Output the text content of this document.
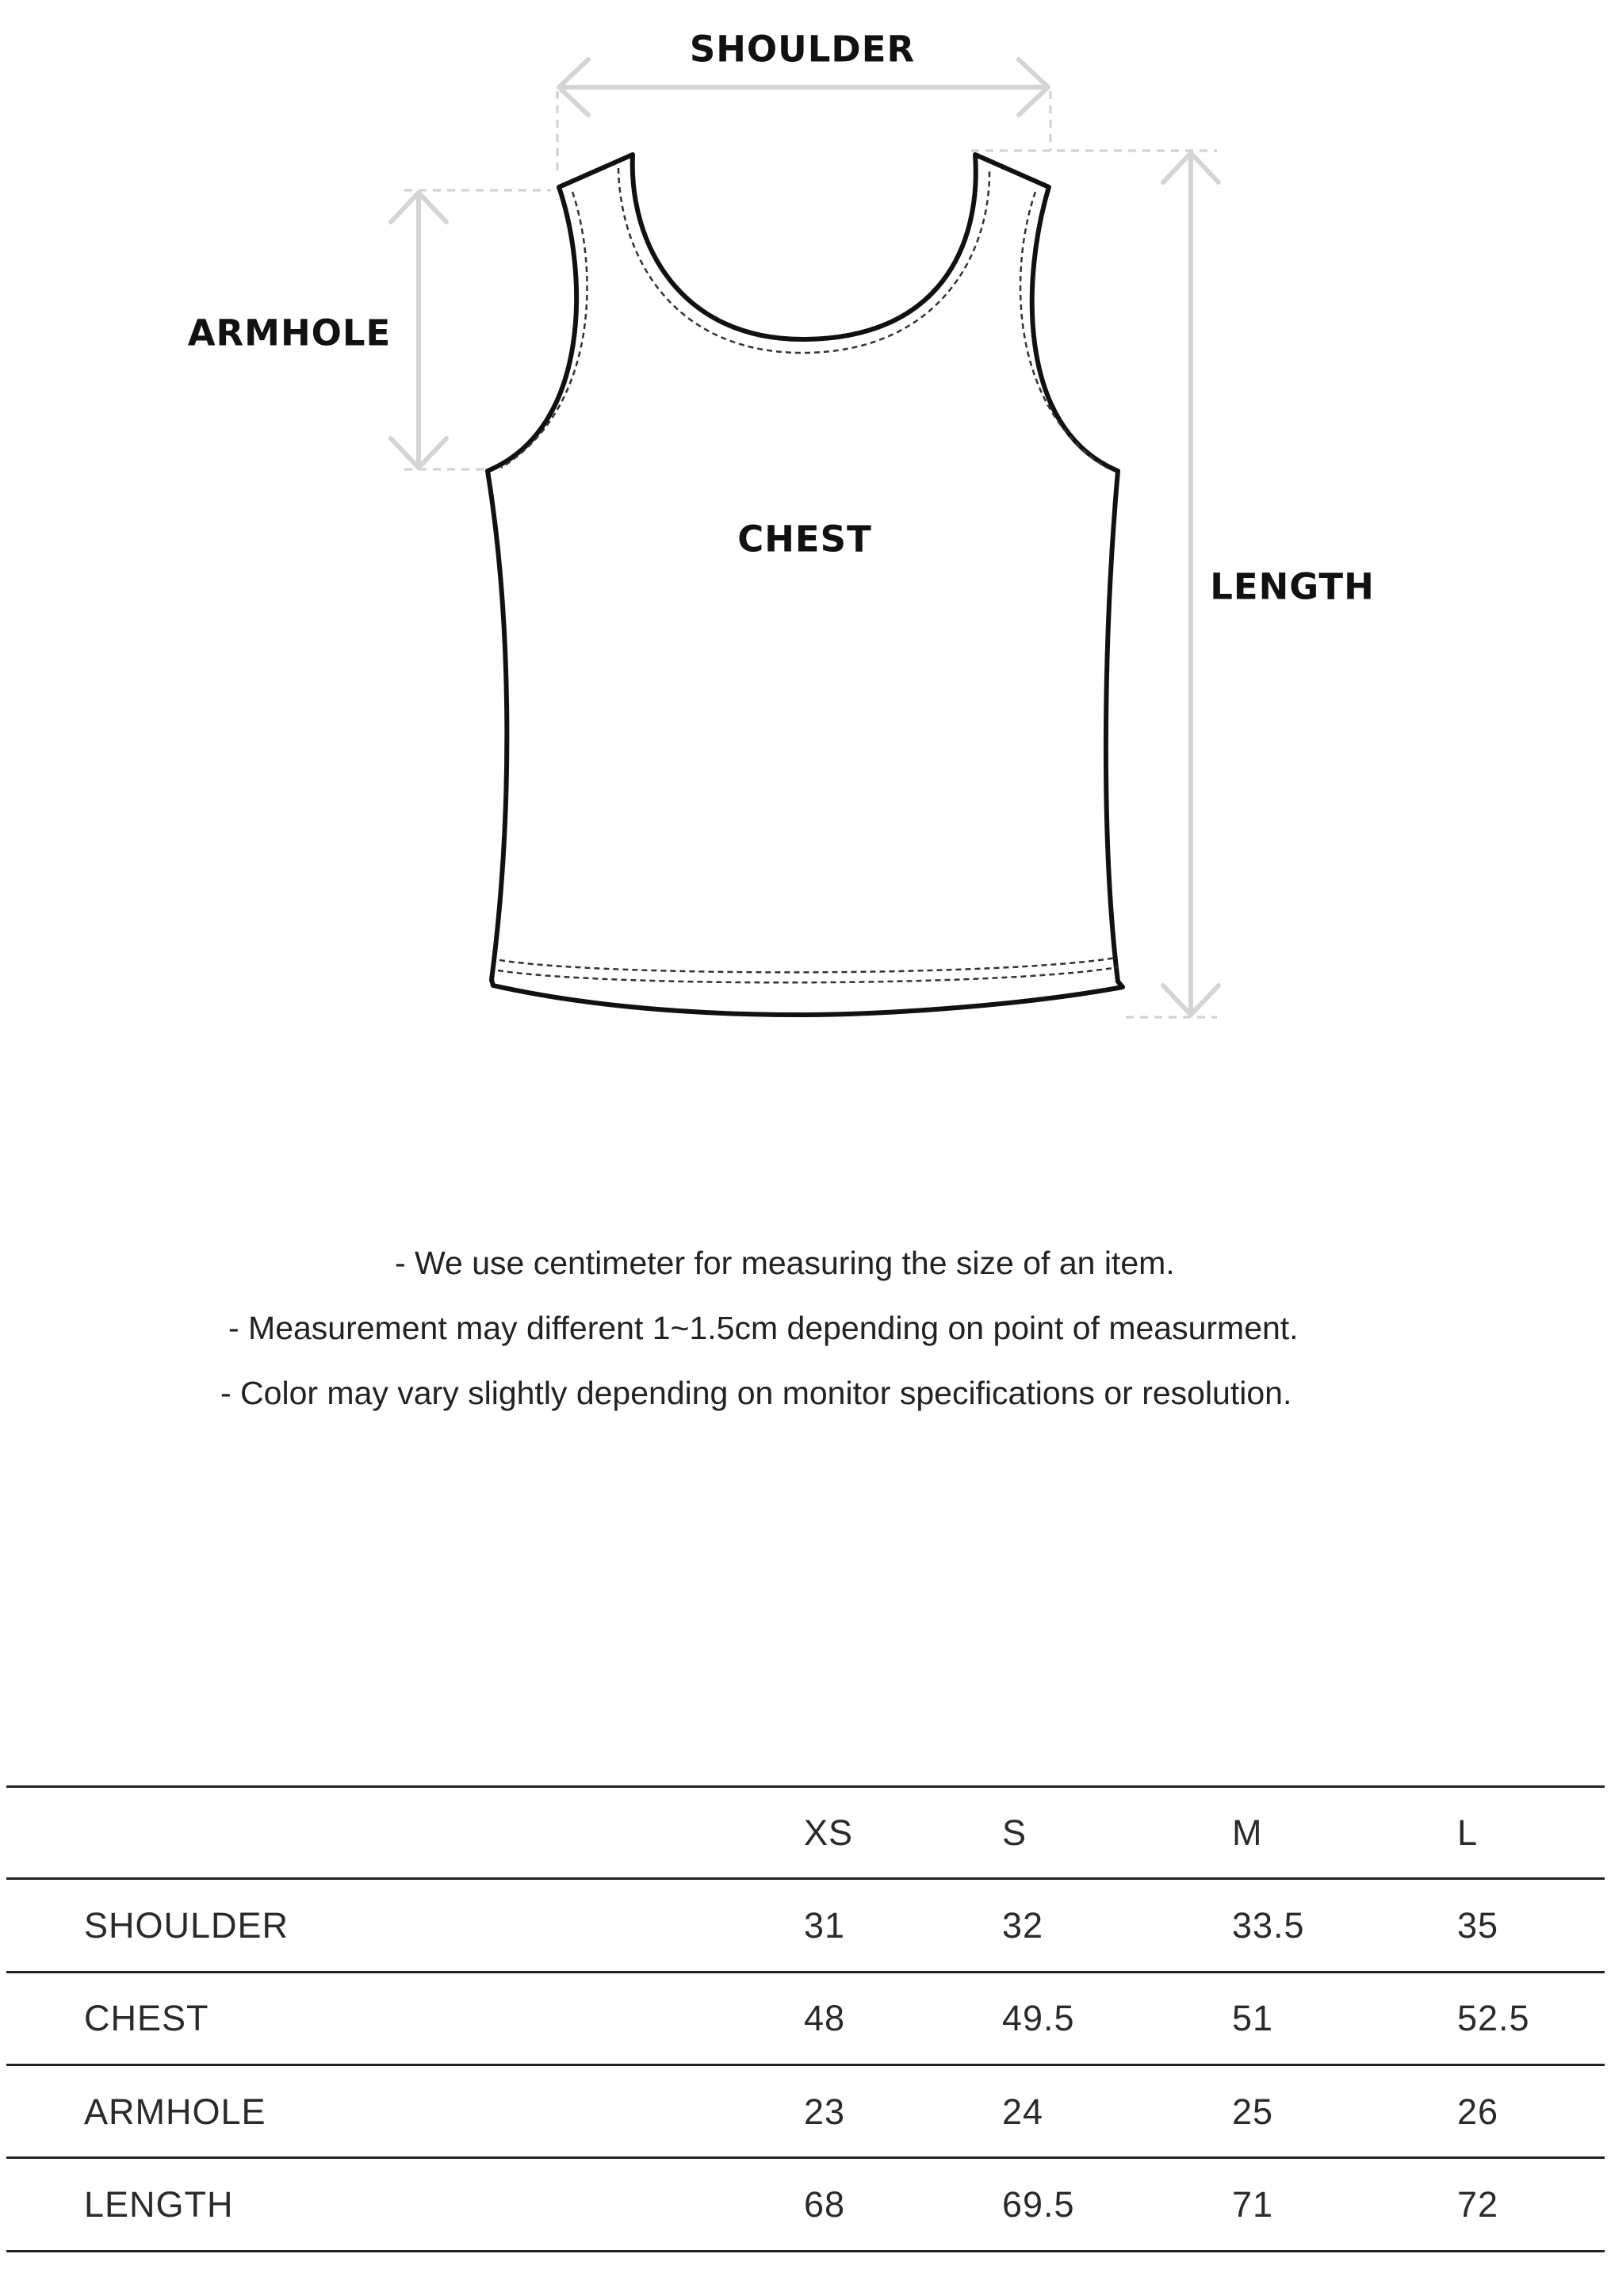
SHOULDER
ARMHOLE
CHEST
LENGTH
- We use centimeter for measuring the size of an item.
- Measurement may different 1~1.5cm depending on point of measurment.
- Color may vary slightly depending on monitor specifications or resolution.
XS	S	M	L
SHOULDER	31	32	33.5	35
CHEST	48	49.5	51	52.5
ARMHOLE	23	24	25	26
LENGTH	68	69.5	71	72
